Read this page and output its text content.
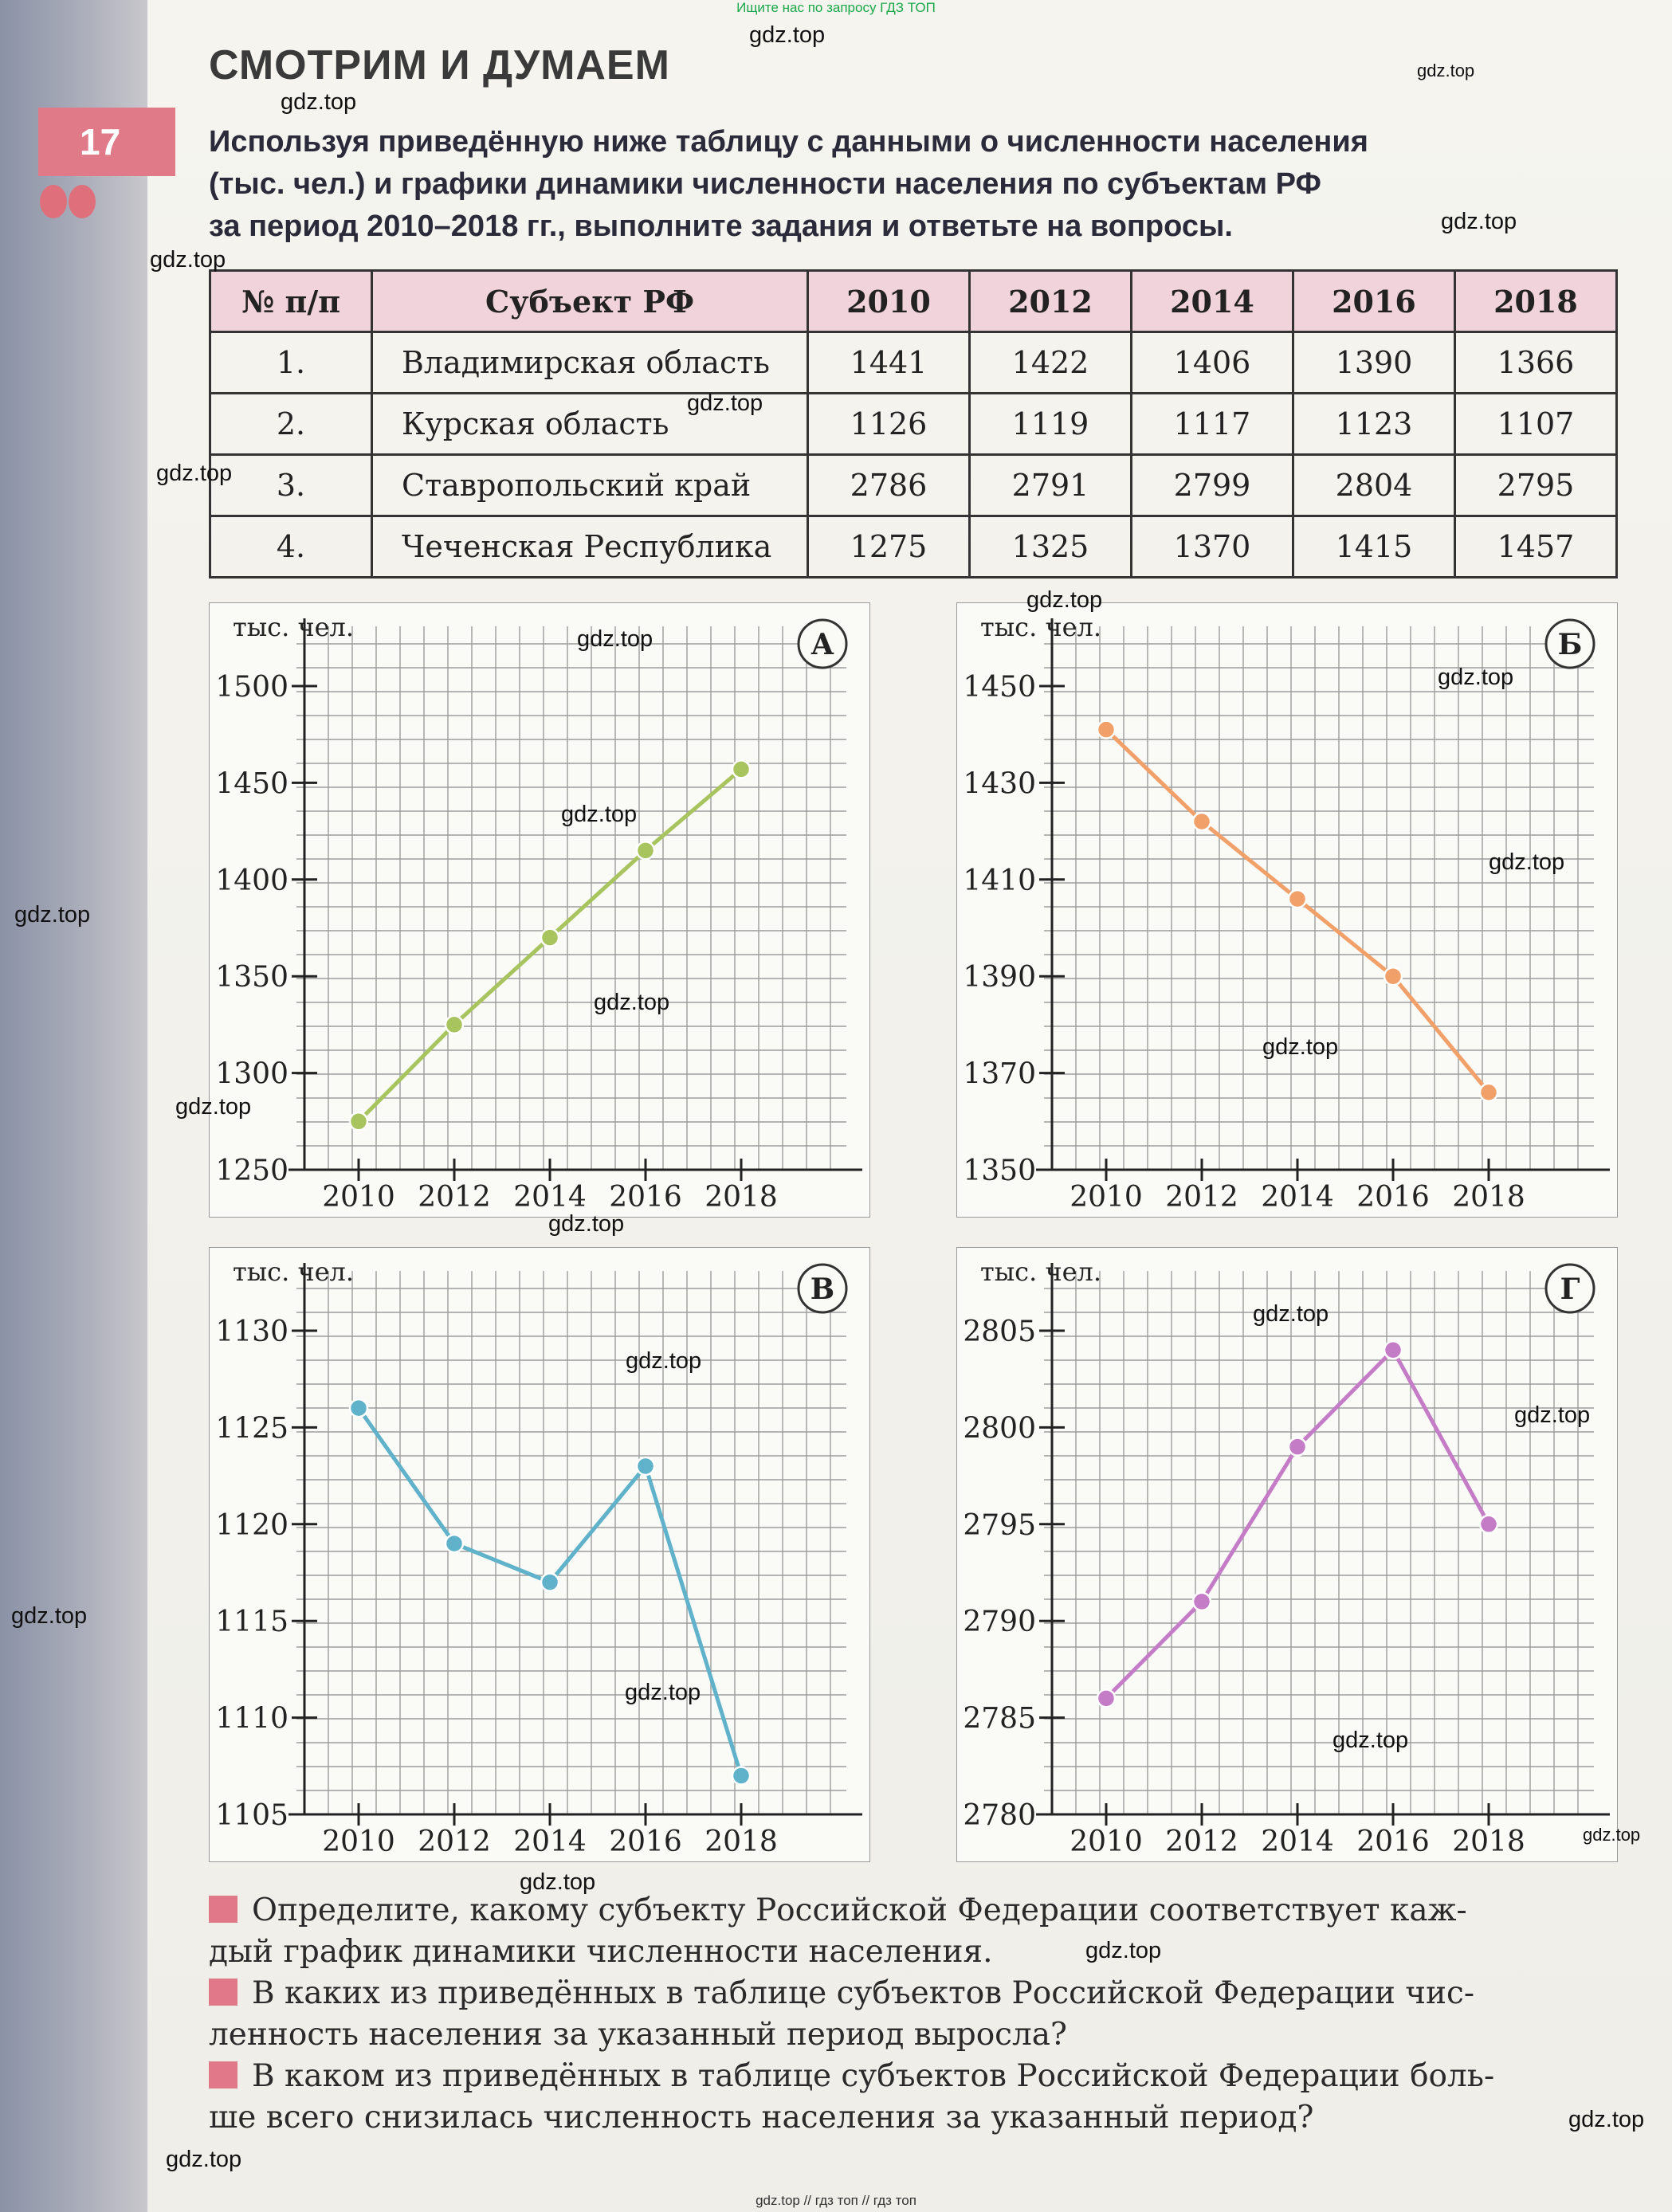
Ищите нас по запросу ГДЗ ТОП
17
СМОТРИМ И ДУМАЕМ
Используя приведённую ниже таблицу с данными о численности населения
(тыс. чел.) и графики динамики численности населения по субъектам РФ
за период 2010–2018 гг., выполните задания и ответьте на вопросы.
№ п/п	Субъект РФ	2010	2012	2014	2016	2018
1.	Владимирская область	1441	1422	1406	1390	1366
2.	Курская область	1126	1119	1117	1123	1107
3.	Ставропольский край	2786	2791	2799	2804	2795
4.	Чеченская Республика	1275	1325	1370	1415	1457
1250
1300
1350
1400
1450
1500
2010 2012 2014 2016 2018
тыс. чел.
А
1350
1370
1390
1410
1430
1450
2010 2012 2014 2016 2018
тыс. чел.
Б
1105
1110
1115
1120
1125
1130
2010 2012 2014 2016 2018
тыс. чел.
В
2780
2785
2790
2795
2800
2805
2010 2012 2014 2016 2018
тыс. чел.
Г
Определите, какому субъекту Российской Федерации соответствует каж-
дый график динамики численности населения.
В каких из приведённых в таблице субъектов Российской Федерации чис-
ленность населения за указанный период выросла?
В каком из приведённых в таблице субъектов Российской Федерации боль-
ше всего снизилась численность населения за указанный период?
gdz.top
gdz.top
gdz.top
gdz.top
gdz.top
gdz.top
gdz.top
gdz.top
gdz.top
gdz.top
gdz.top
gdz.top
gdz.top
gdz.top
gdz.top
gdz.top
gdz.top
gdz.top
gdz.top
gdz.top
gdz.top
gdz.top
gdz.top
gdz.top
gdz.top
gdz.top
gdz.top
gdz.top
gdz.top // гдз топ // гдз топ
